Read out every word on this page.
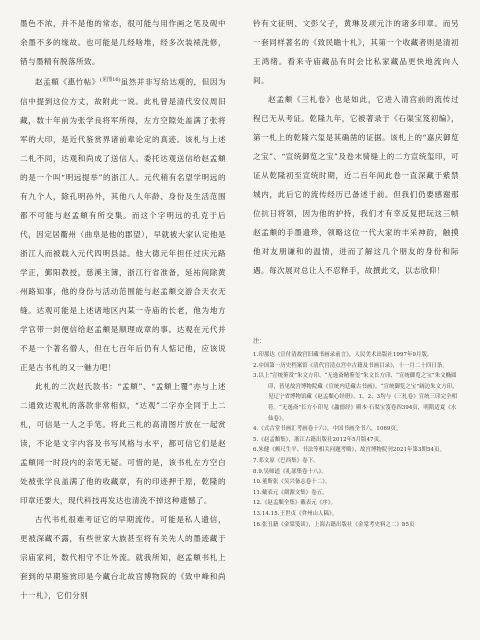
墨色不浓，并不是他的常态，很可能与用作画之笔及砚中余墨不多的缘故。也可能是几经啥堆，经多次装裱洗修，错与墨精有脱落所致。

赵孟頫《惠竹帖》$^{(见图16)}$虽然并非写给达观的，但因为信中提到这位方丈，故附此一说。此札曾是清代安仪周旧藏，数十年前为张学良将军所得，左方空隙处盖满了张将军的大印，是近代鉴赏界诸前辈论定的真迹。该札与上述二札不同，达观和尚成了送信人。委托达观送信给赵孟頫的是一个叫“明远提举”的浙江人。元代稍有名望学明远的有九个人，除孔明孙外，其他八人年龄、身份及生活范围都不可能与赵孟頫有所交集。而这个字明远的孔克于后代，因定居衢州（曲阜是他的郡望），早就被大家认定他是浙江人而被载入元代四明县誌。他大德元年担任过庆元路学正，鄞阳教授，慈溪主簿，浙江行省准备，延祐间除黄州路知事，他的身份与活动范围能与赵孟頫交游合天衣无缝。达观可能是上述诸地区内某一寺庙的长老，他为地方学官带一封便信给赵孟頫是顺理成章的事。达观在元代并不是一个著名僧人，但在七百年后仍有人惦记他，应该说正是古书札的又一魅力吧！

此札的二次赵氏款书：“孟頫”、“孟頫上覆”亦与上述二通致达观札的落款非常相似，“达观”二字亦全同于上二札，可信是一人之手笔。将此三札的高清图片放在一起赏读，不论是文字内容及书写风格与水平，都可信它们是赵孟頫同一时段内的亲笔无疑。可惜的是，该书札左方空白处被张学良盖满了他的收藏章，有的印迹押于原，乾隆的印章还要大，现代科技再发达也清洗不掉这种遗憾了。

古代书札很难考证它的早期流传。可能是私人遗信，更被深藏不露，有些世家大族甚至将有关先人的墨迹藏于宗庙家祠，数代相守不让外流。就我所知，赵孟頫书札上套到的早期鉴赏印是今藏台北故宫博物院的《致中峰和尚十一札》，它们分别

钤有文征明、文彭父子，黄琳及项元汴的诸多印章。而另一套同样著名的《致民瞻十札》，其第一个收藏者则是清初王鸿绪。看来寺庙藏品有时会比私家藏品更快地流向人间。

赵孟頫《三札卷》也是如此，它进入清宫前的流传过程已无从考证。乾隆九年，它被著录于《石渠宝笈初编》，第一札上的乾隆六玺是其确凿的证据。该札上的“嘉庆御览之宝”、“宣统御览之宝”及卷末骑缝上的二方宣统玺印，可证从乾隆初至宣统时期，近二百年间此卷一直深藏于紫禁城内，此后它的流传经历已备述于前。但我们仍要感谢那位抗日将领，因为他的护持，我们才有幸反复把玩这三帧赵孟頫的手墨遗珍，领略这位一代大家的丰采神韵，触摸他对友朋谦和的温情，进而了解这几个朋友的身份和际遇。每次展对总让人不忍释手，故撰此文，以志欣仰！

注：
1.印那达《宣付清故宫旧藏书画录前言》，人民美术出版社1997年9月版。
2.中国第一历史档案馆《清代宫清点宫中古籍及书画目录》，十一月二十四日条。
3.以上“宣统鉴赏”朱文方印、“无逸斋精鉴玺”朱文长方印、“宣统御览之宝”朱文椭圆印，皆见故宫博物院藏《宣统内廷藏古书画》。“宣统御览之宝”阔边朱文方印，见辽宁省博物馆藏《赵孟頫心经册》。1、2、3均与《三札卷》宣统三印完全相符。“无逸斋”长方小印见《蠡德经》殿本·石渠宝笈卷四394页，明隋适夏《水仙卷》。
4.《式古堂书画汇考画卷十六》，中国书画全书六，1069页。
5.《赵孟頫集》，浙江古籍出版社2012年5月版47页。
6.朱健《颇尺生平、书法等相关问题考略》，故宫博物院刊2021年第3期54页。
7.邓文原《巴西集》卷下。
8.9.吴师道《礼部集卷十八》。
10.董斯张《吴兴备志卷十二》。
11.戴表元《剡源文集》卷五。
12.《赵孟頫全集》戴表元《序》。
13.14.15.王世贞《弇州山人稿》。
16.张丑籍《金棠笺谈》，上海古籍出版社《金棠考史料之二》85页
